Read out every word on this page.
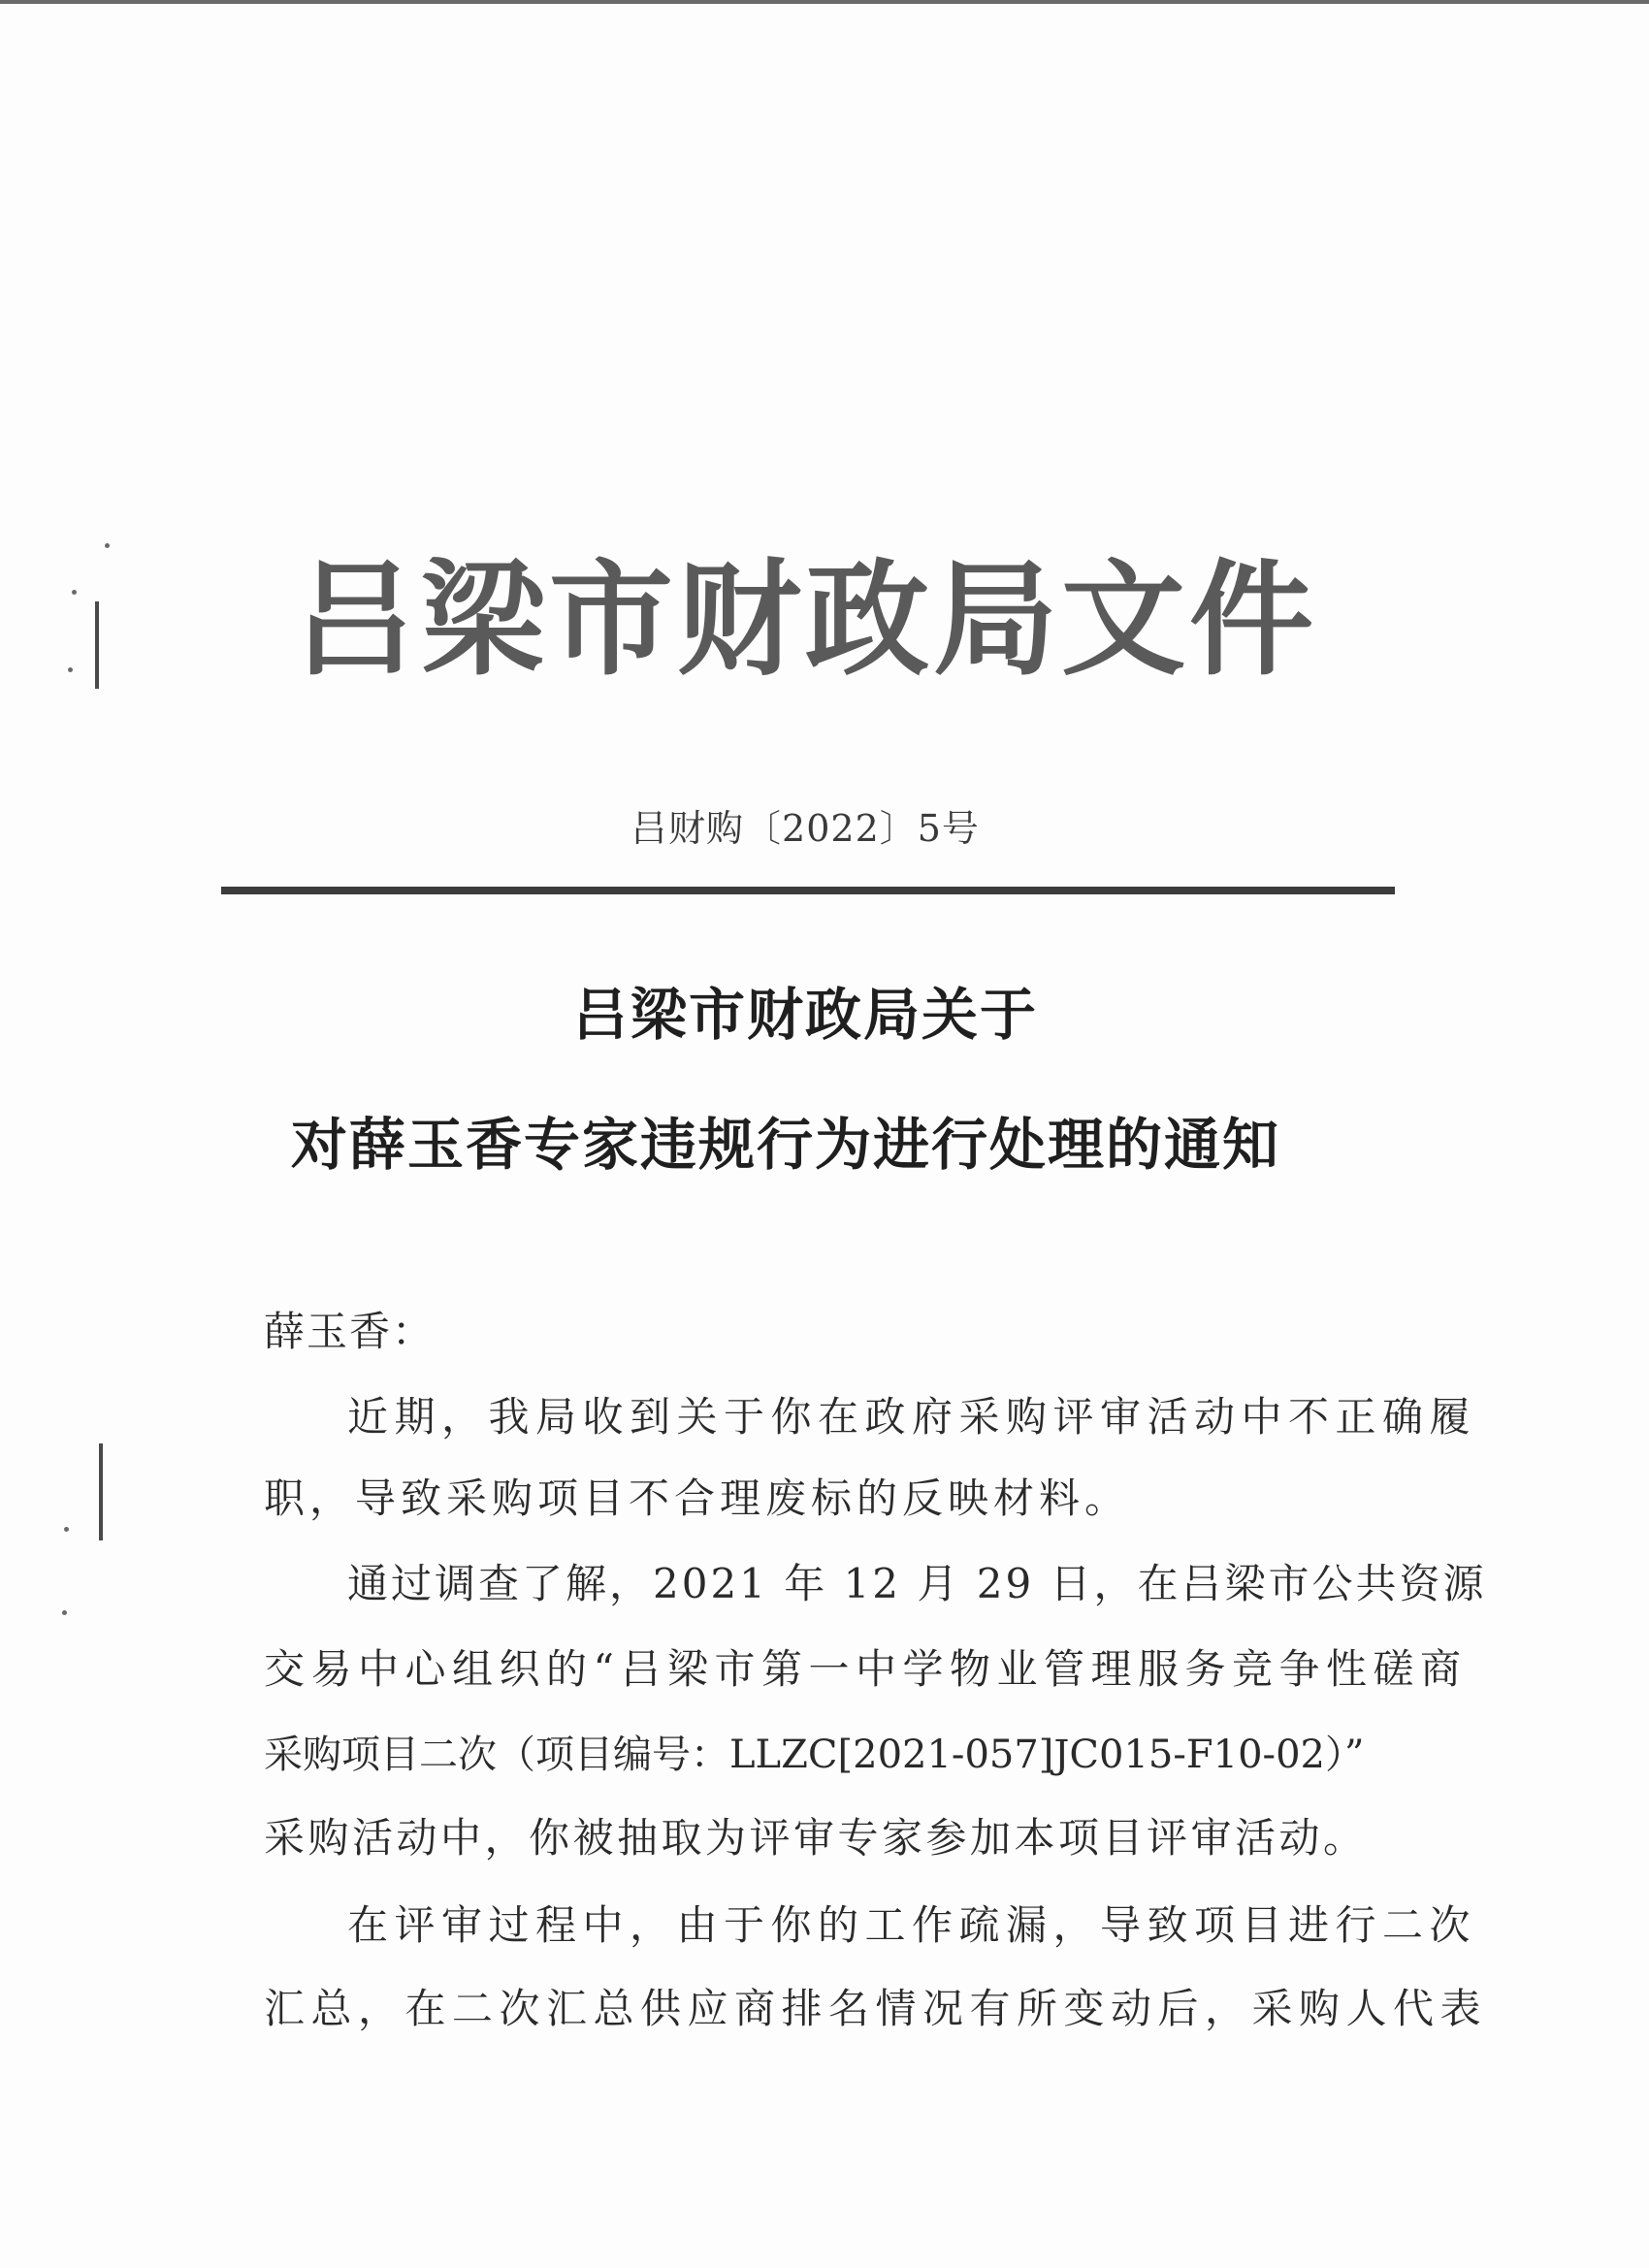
吕梁市财政局文件
吕财购〔2022〕5号
吕梁市财政局关于
对薛玉香专家违规行为进行处理的通知
薛玉香：
近期，我局收到关于你在政府采购评审活动中不正确履
职，导致采购项目不合理废标的反映材料。
通过调查了解，2021 年 12 月 29 日，在吕梁市公共资源
交易中心组织的“吕梁市第一中学物业管理服务竞争性磋商
采购项目二次（项目编号：LLZC[2021-057]JC015-F10-02）”
采购活动中，你被抽取为评审专家参加本项目评审活动。
在评审过程中，由于你的工作疏漏，导致项目进行二次
汇总，在二次汇总供应商排名情况有所变动后，采购人代表
